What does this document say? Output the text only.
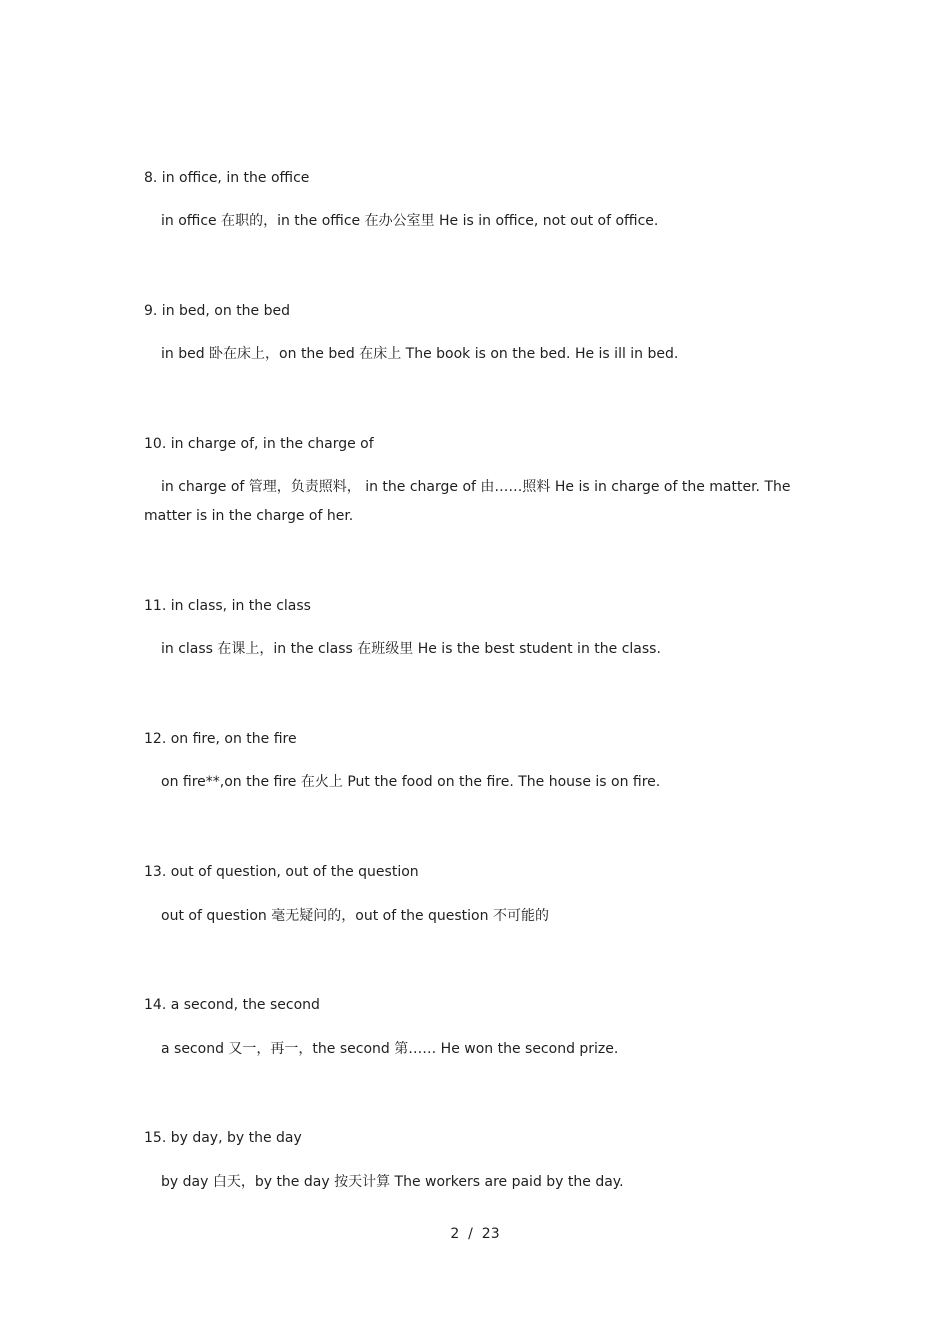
8. in office, in the office
in office 在职的，in the office 在办公室里 He is in office, not out of office.
9. in bed, on the bed
in bed 卧在床上，on the bed 在床上 The book is on the bed. He is ill in bed.
10. in charge of, in the charge of
in charge of 管理，负责照料， in the charge of 由……照料 He is in charge of the matter. The matter is in the charge of her.
11. in class, in the class
in class 在课上，in the class 在班级里 He is the best student in the class.
12. on fire, on the fire
on fire**,on the fire 在火上 Put the food on the fire. The house is on fire.
13. out of question, out of the question
out of question 毫无疑问的，out of the question 不可能的
14. a second, the second
a second 又一，再一，the second 第…… He won the second prize.
15. by day, by the day
by day 白天，by the day 按天计算 The workers are paid by the day.
2  /  23
